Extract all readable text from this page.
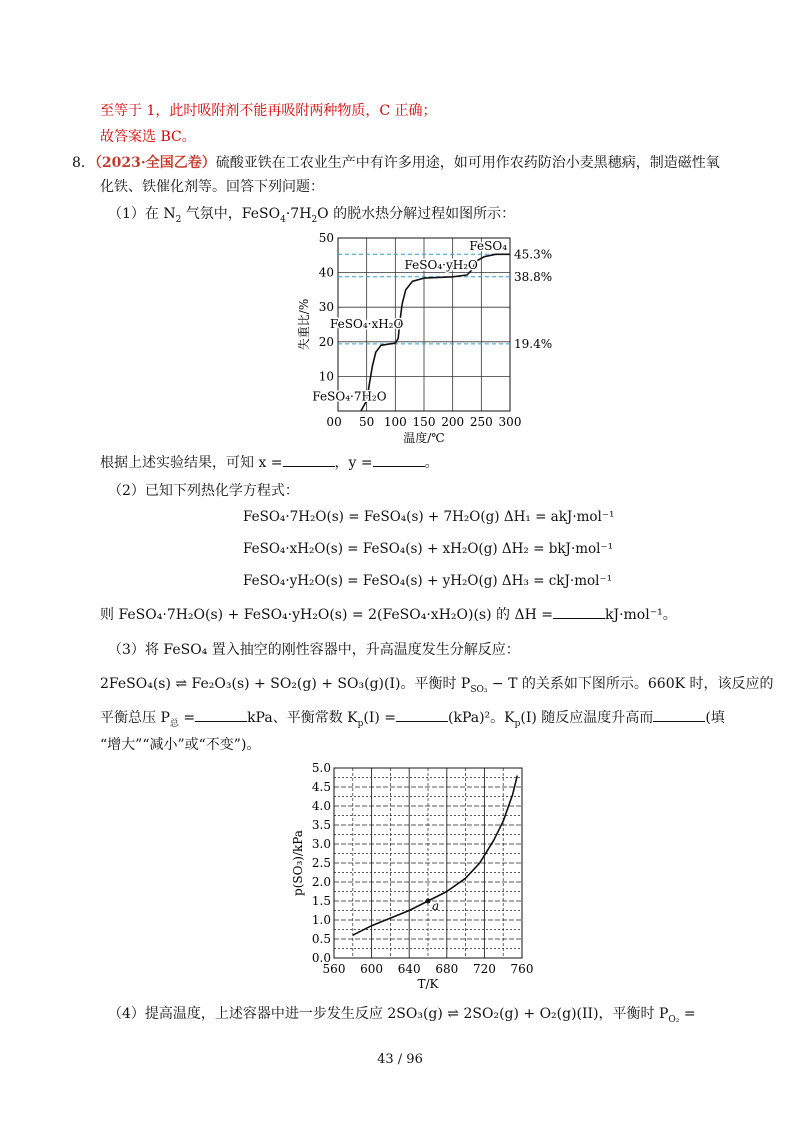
至等于 1，此时吸附剂不能再吸附两种物质，C 正确；
故答案选 BC。
8．（2023·全国乙卷）硫酸亚铁在工农业生产中有许多用途，如可用作农药防治小麦黑穗病，制造磁性氧
化铁、铁催化剂等。回答下列问题：
（1）在 $N_2$ 气氛中，$FeSO_4\cdot 7H_2O$ 的脱水热分解过程如图所示：
0 50 100 150 200 250 300
10
20
30
40
50
0
45.3%
38.8%
19.4%
FeSO₄·7H₂O
FeSO₄·xH₂O
FeSO₄·yH₂O
FeSO₄
温度/℃
失重比/%
根据上述实验结果，可知 x =	，y =	。
（2）已知下列热化学方程式：
FeSO₄·7H₂O(s) = FeSO₄(s) + 7H₂O(g) ΔH₁ = akJ·mol⁻¹
FeSO₄·xH₂O(s) = FeSO₄(s) + xH₂O(g) ΔH₂ = bkJ·mol⁻¹
FeSO₄·yH₂O(s) = FeSO₄(s) + yH₂O(g) ΔH₃ = ckJ·mol⁻¹
则 FeSO₄·7H₂O(s) + FeSO₄·yH₂O(s) = 2(FeSO₄·xH₂O)(s) 的 ΔH =	kJ·mol⁻¹。
（3）将 FeSO₄ 置入抽空的刚性容器中，升高温度发生分解反应：
2FeSO₄(s) ⇌ Fe₂O₃(s) + SO₂(g) + SO₃(g)(I)。平衡时 $P_{SO_3} - T$ 的关系如下图所示。660K 时，该反应的
平衡总压 $P_总$ =	kPa、平衡常数 $K_p(I)$ =	(kPa)²。$K_p(I)$ 随反应温度升高而	(填
“增大”“减小”或“不变”)。
560 600 640 680 720 760
0.0
0.5
1.0
1.5
2.0
2.5
3.0
3.5
4.0
4.5
5.0
a
T/K
p(SO₃)/kPa
（4）提高温度，上述容器中进一步发生反应 2SO₃(g) ⇌ 2SO₂(g) + O₂(g)(II)，平衡时 $P_{O_2}$ =
43 / 96
